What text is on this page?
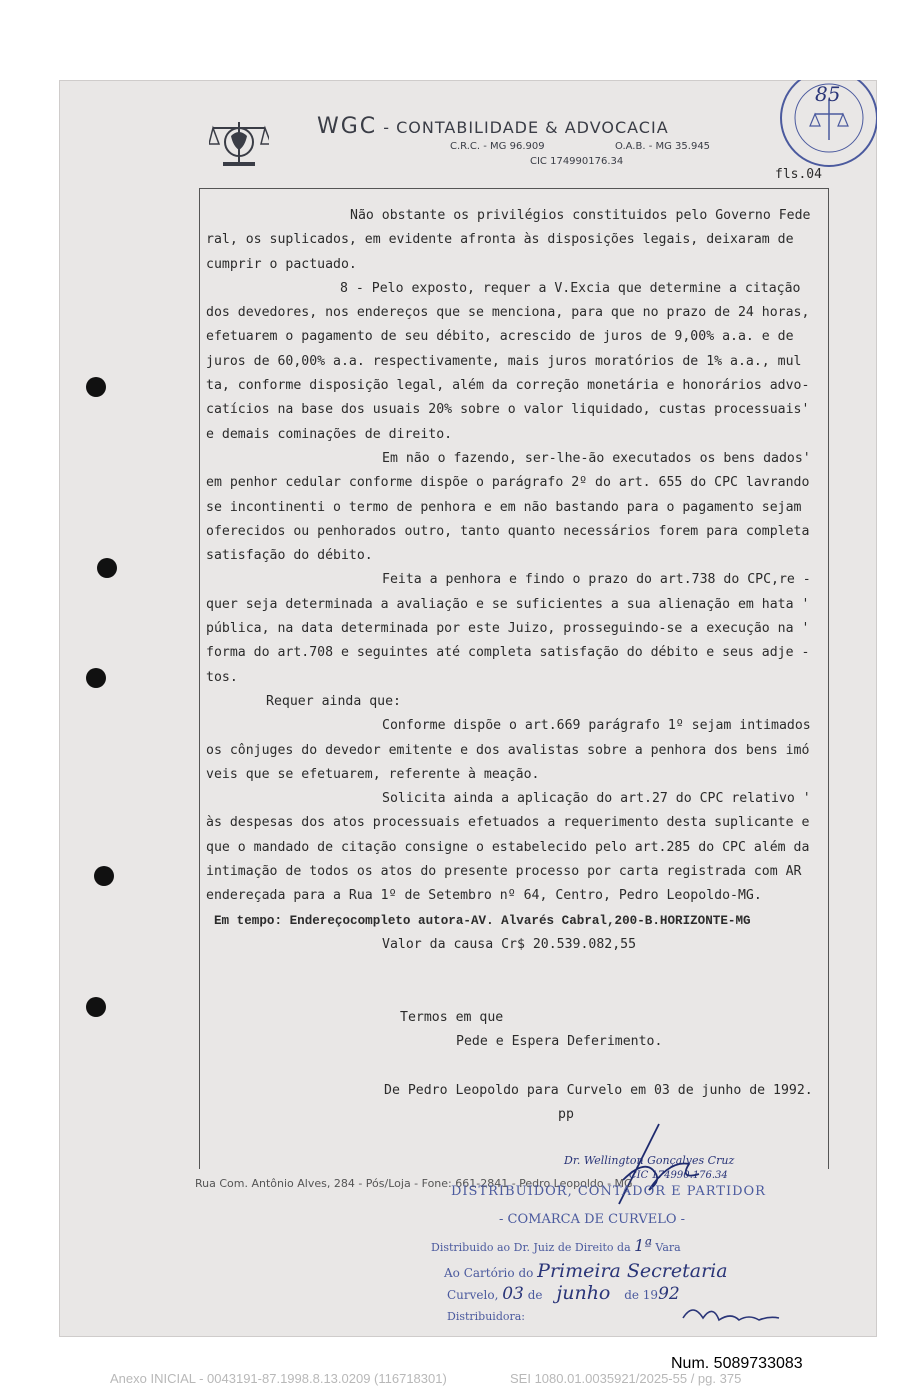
WGC - CONTABILIDADE & ADVOCACIA
C.R.C. - MG 96.909	O.A.B. - MG 35.945
CIC 174990176.34
85
fls.04

Não obstante os privilégios constituidos pelo Governo Fede

ral, os suplicados, em evidente afronta às disposições legais, deixaram de

cumprir o pactuado.

8 - Pelo exposto, requer a V.Excia que determine a citação

dos devedores, nos endereços que se menciona, para que no prazo de 24 horas,

efetuarem o pagamento de seu débito, acrescido de juros de 9,00% a.a. e de

juros de 60,00% a.a. respectivamente, mais juros moratórios de 1% a.a., mul

ta, conforme disposição legal, além da correção monetária e honorários advo-

catícios na base dos usuais 20% sobre o valor liquidado, custas processuais'

e demais cominações de direito.

Em não o fazendo, ser-lhe-ão executados os bens dados'

em penhor cedular conforme dispõe o parágrafo 2º do art. 655 do CPC lavrando

se incontinenti o termo de penhora e em não bastando para o pagamento sejam

oferecidos ou penhorados outro, tanto quanto necessários forem para completa

satisfação do débito.

Feita a penhora e findo o prazo do art.738 do CPC,re -

quer seja determinada a avaliação e se suficientes a sua alienação em hata '

pública, na data determinada por este Juizo, prosseguindo-se a execução na '

forma do art.708 e seguintes até completa satisfação do débito e seus adje -

tos.

Requer ainda que:

Conforme dispõe o art.669 parágrafo 1º sejam intimados

os cônjuges do devedor emitente e dos avalistas sobre a penhora dos bens imó

veis que se efetuarem, referente à meação.

Solicita ainda a aplicação do art.27 do CPC relativo '

às despesas dos atos processuais efetuados a requerimento desta suplicante e

que o mandado de citação consigne o estabelecido pelo art.285 do CPC além da

intimação de todos os atos do presente processo por carta registrada com AR

endereçada para a Rua 1º de Setembro nº 64, Centro, Pedro Leopoldo-MG.

Em tempo: Endereçocompleto autora-AV. Alvarés Cabral,200-B.HORIZONTE-MG

Valor da causa Cr$ 20.539.082,55

Termos em que

Pede e Espera Deferimento.

De Pedro Leopoldo para Curvelo em 03 de junho de 1992.

pp

Dr. Wellington Gonçalves Cruz
CIC 174990.176.34
Rua Com. Antônio Alves, 284 - Pós/Loja - Fone: 661-2841 - Pedro Leopoldo - MG
DISTRIBUIDOR, CONTADOR E PARTIDOR
- COMARCA DE CURVELO -
Distribuido ao Dr. Juiz de Direito da 1ª Vara
Ao Cartório do Primeira Secretaria
Curvelo, 03 de junho de 1992
Distribuidora:
Num. 5089733083
Anexo INICIAL - 0043191-87.1998.8.13.0209 (116718301)	SEI 1080.01.0035921/2025-55 / pg. 375
